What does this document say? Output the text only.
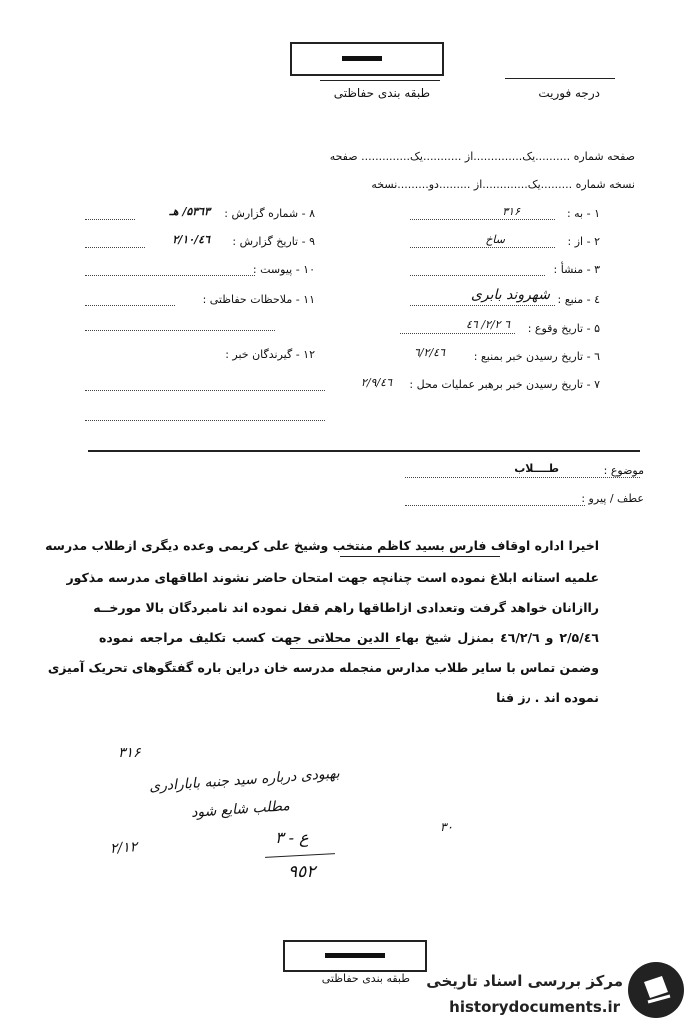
طبقه بندی حفاظتی	درجه فوریت
صفحه شماره ..........یک..............از ...........یک.............. صفحه
نسخه شماره .........یک.............از .........دو.........نسخه
۱ - به :
۳۱۶
۲ - از :
ساخ
۳ - منشأ :
٤ - منبع :
شهروند بابری
۵ - تاریخ وقوع :
٦ ۲/۲/ ٤٦
٦ - تاریخ رسیدن خبر بمنبع :
٤٦/۲/٦
۷ - تاریخ رسیدن خبر برهبر عملیات محل :
٤٦/۲/۹
۸ - شماره گزارش :
۵۳٦٣/ هـ
۹ - تاریخ گزارش :
٤٦/۲/۱۰
۱۰ - پیوست :
۱۱ - ملاحظات حفاظتی :
۱۲ - گیرندگان خبر :
موضوع :
طــــلاب
عطف / پیرو :
اخیرا اداره اوقاف فارس بسید کاظم منتخب وشیخ علی کریمی وعده دیگری ازطلاب مدرسه
علمیه استانه ابلاغ نموده است چنانچه جهت امتحان حاضر نشوند اطاقهای مدرسه مذکور
راازانان خواهد گرفت وتعدادی ازاطاقها راهم قفل نموده اند نامبردگان بالا مورخــه
٤٦/۲/۵ و ٤٦/۲/٦ بمنزل شیخ بهاء الدین محلاتی جهت کسب تکلیف مراجعه نموده
وضمن تماس با سایر طلاب مدارس منجمله مدرسه خان دراین باره گفتگوهای تحریک آمیزی
نموده اند . ٫ز فنا
۳۱۶
بهبودی درباره سید جنبه بابارادری
مطلب شایع شود
۲/۱۲
۳ - ع
٩٥٢
۳۰
طبقه بندی حفاظتی	مرکز بررسی اسناد تاریخی
historydocuments.ir
